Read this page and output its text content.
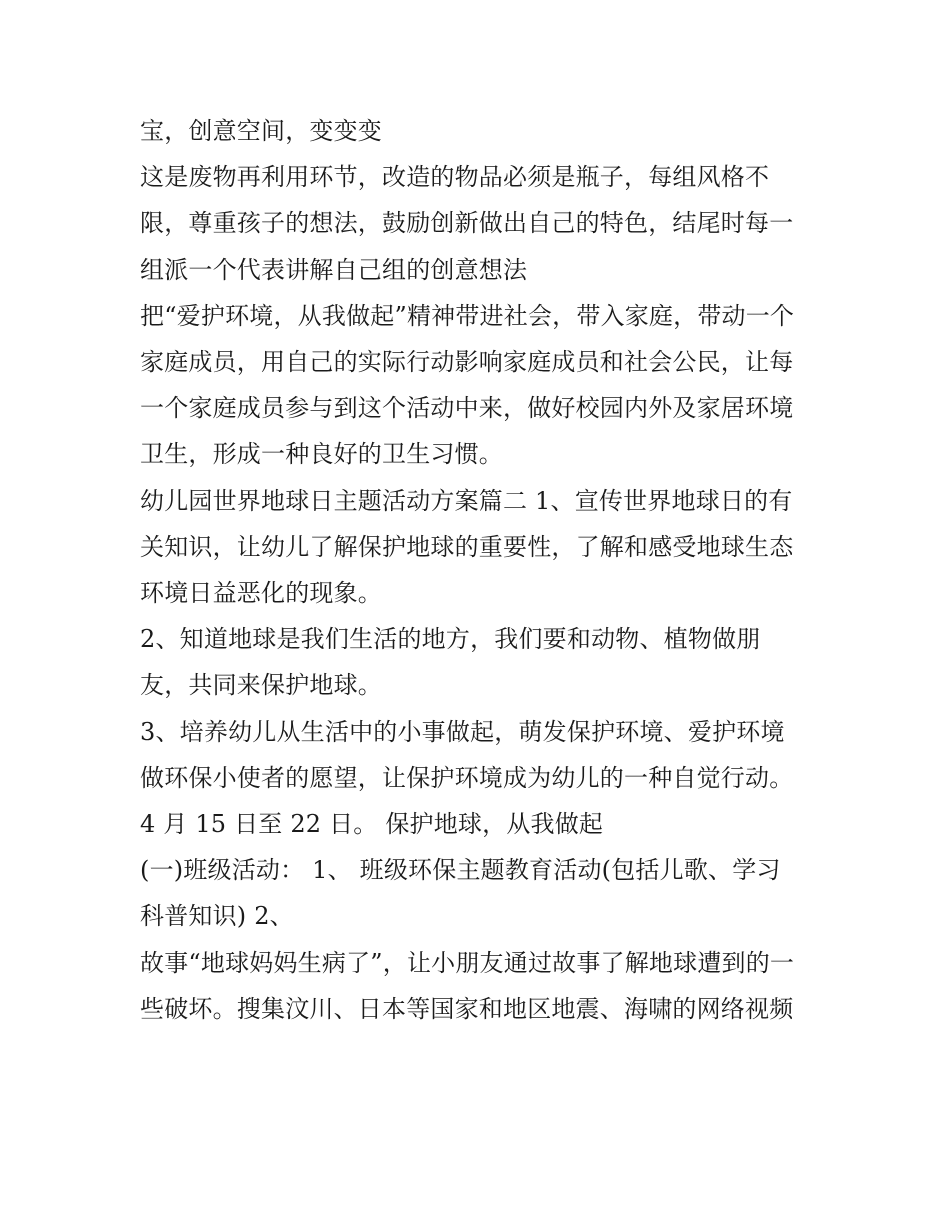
宝，创意空间，变变变
这是废物再利用环节，改造的物品必须是瓶子，每组风格不
限，尊重孩子的想法，鼓励创新做出自己的特色，结尾时每一
组派一个代表讲解自己组的创意想法
把“爱护环境，从我做起”精神带进社会，带入家庭，带动一个
家庭成员，用自己的实际行动影响家庭成员和社会公民，让每
一个家庭成员参与到这个活动中来，做好校园内外及家居环境
卫生，形成一种良好的卫生习惯。
幼儿园世界地球日主题活动方案篇二 1、宣传世界地球日的有
关知识，让幼儿了解保护地球的重要性，了解和感受地球生态
环境日益恶化的现象。
2、知道地球是我们生活的地方，我们要和动物、植物做朋
友，共同来保护地球。
3、培养幼儿从生活中的小事做起，萌发保护环境、爱护环境
做环保小使者的愿望，让保护环境成为幼儿的一种自觉行动。
4 月 15 日至 22 日。 保护地球，从我做起
(一)班级活动： 1、 班级环保主题教育活动(包括儿歌、学习
科普知识) 2、
故事“地球妈妈生病了”，让小朋友通过故事了解地球遭到的一
些破坏。搜集汶川、日本等国家和地区地震、海啸的网络视频
